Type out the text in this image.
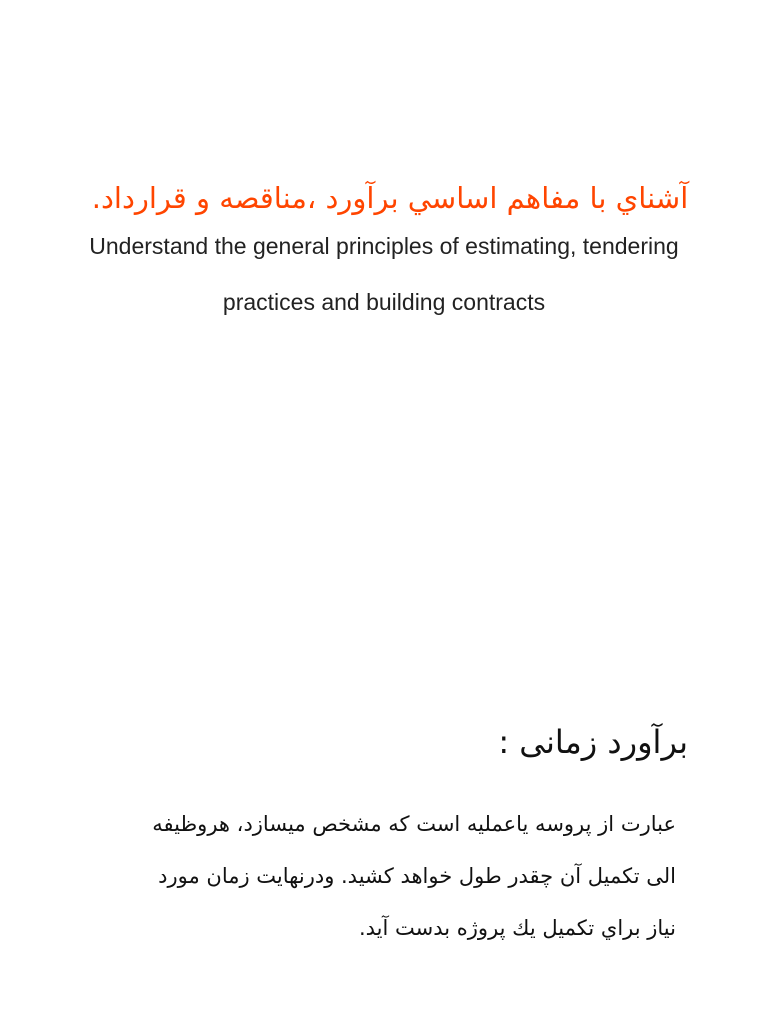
آشناي با مفاهم اساسي برآورد ،مناقصه و قرارداد.
Understand the general principles of estimating, tendering
practices and building contracts
برآورد زمانی :
عبارت از پروسه یاعملیه است که مشخص میسازد، هروظیفه
الی تکمیل آن چقدر طول خواهد کشید. ودرنهایت زمان مورد
نیاز براي تکمیل یك پروژه بدست آید.
